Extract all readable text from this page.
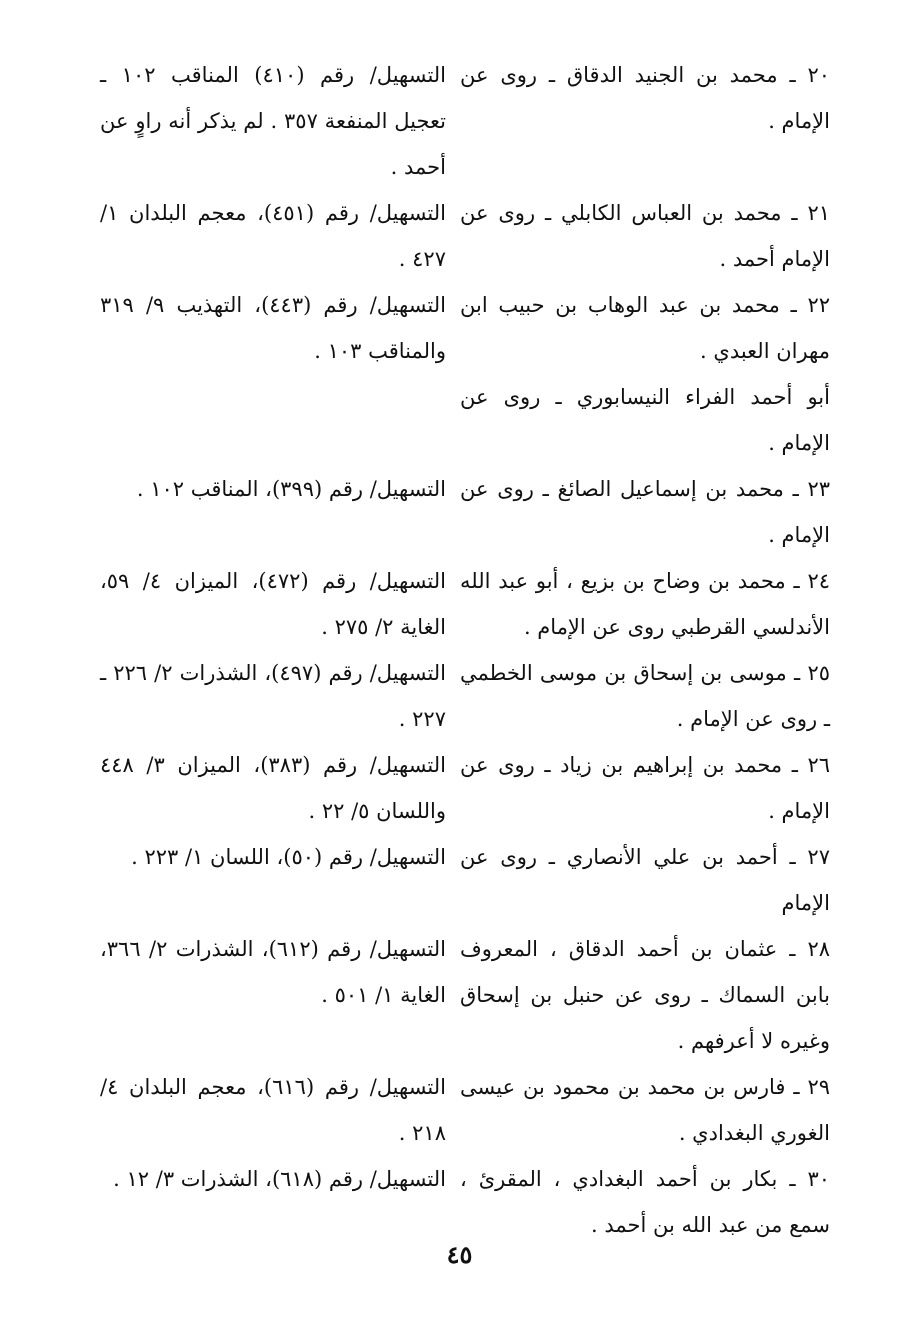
٢٠ ـ محمد بن الجنيد الدقاق ـ روى عن الإمام .
التسهيل/ رقم (٤١٠) المناقب ١٠٢ ـ تعجيل المنفعة ٣٥٧ . لم يذكر أنه راوٍ عن أحمد .
٢١ ـ محمد بن العباس الكابلي ـ روى عن الإمام أحمد .
التسهيل/ رقم (٤٥١)، معجم البلدان ١/ ٤٢٧ .
٢٢ ـ محمد بن عبد الوهاب بن حبيب ابن مهران العبدي .
التسهيل/ رقم (٤٤٣)، التهذيب ٩/ ٣١٩ والمناقب ١٠٣ .
أبو أحمد الفراء النيسابوري ـ روى عن الإمام .
٢٣ ـ محمد بن إسماعيل الصائغ ـ روى عن الإمام .
التسهيل/ رقم (٣٩٩)، المناقب ١٠٢ .
٢٤ ـ محمد بن وضاح بن بزيع ، أبو عبد الله الأندلسي القرطبي روى عن الإمام .
التسهيل/ رقم (٤٧٢)، الميزان ٤/ ٥٩، الغاية ٢/ ٢٧٥ .
٢٥ ـ موسى بن إسحاق بن موسى الخطمي ـ روى عن الإمام .
التسهيل/ رقم (٤٩٧)، الشذرات ٢/ ٢٢٦ ـ ٢٢٧ .
٢٦ ـ محمد بن إبراهيم بن زياد ـ روى عن الإمام .
التسهيل/ رقم (٣٨٣)، الميزان ٣/ ٤٤٨ واللسان ٥/ ٢٢ .
٢٧ ـ أحمد بن علي الأنصاري ـ روى عن الإمام
التسهيل/ رقم (٥٠)، اللسان ١/ ٢٢٣ .
٢٨ ـ عثمان بن أحمد الدقاق ، المعروف بابن السماك ـ روى عن حنبل بن إسحاق وغيره لا أعرفهم .
التسهيل/ رقم (٦١٢)، الشذرات ٢/ ٣٦٦، الغاية ١/ ٥٠١ .
٢٩ ـ فارس بن محمد بن محمود بن عيسى الغوري البغدادي .
التسهيل/ رقم (٦١٦)، معجم البلدان ٤/ ٢١٨ .
٣٠ ـ بكار بن أحمد البغدادي ، المقرئ ، سمع من عبد الله بن أحمد .
التسهيل/ رقم (٦١٨)، الشذرات ٣/ ١٢ .
٤٥
